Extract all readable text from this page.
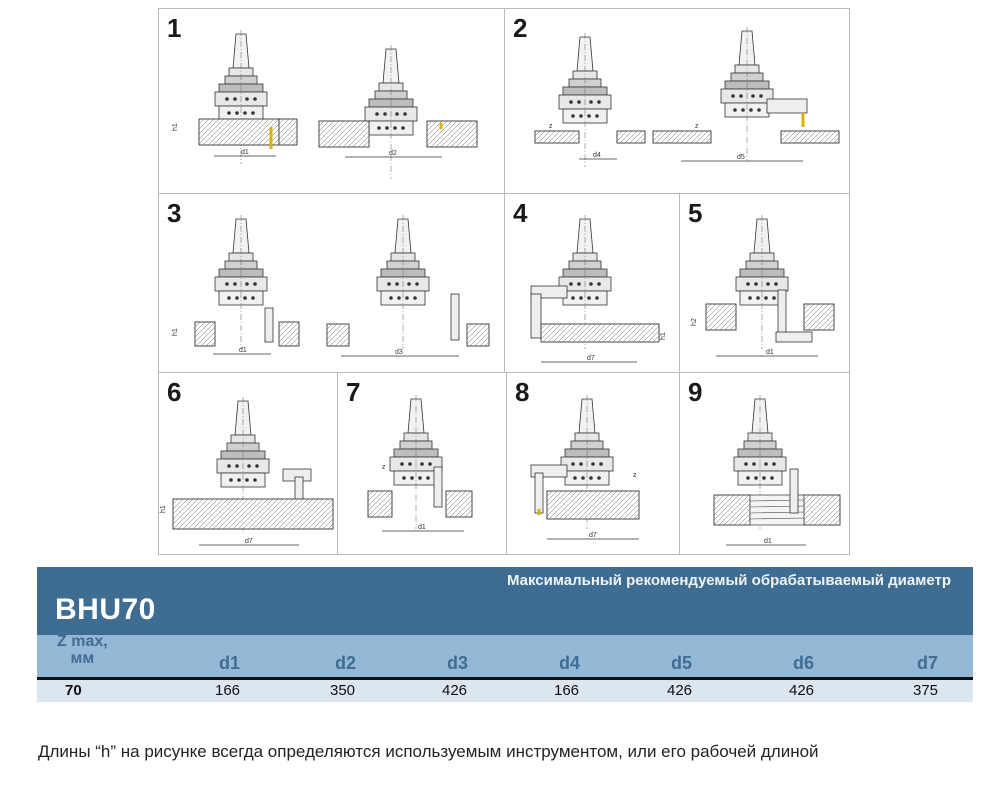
1
d1	d2
h1
2
d4	d5
z	z
3
d1	d3
h1
4
d7
h1
5
d1
h2
6
d7
h1
7
d1
z
8
d7
z
9
d1
Максимальный рекомендуемый обрабатываемый диаметр
BHU70
Z max,
мм	d1	d2	d3	d4	d5	d6	d7
70	166	350	426	166	426	426	375
Длины “h” на рисунке всегда определяются используемым инструментом, или его рабочей длиной
